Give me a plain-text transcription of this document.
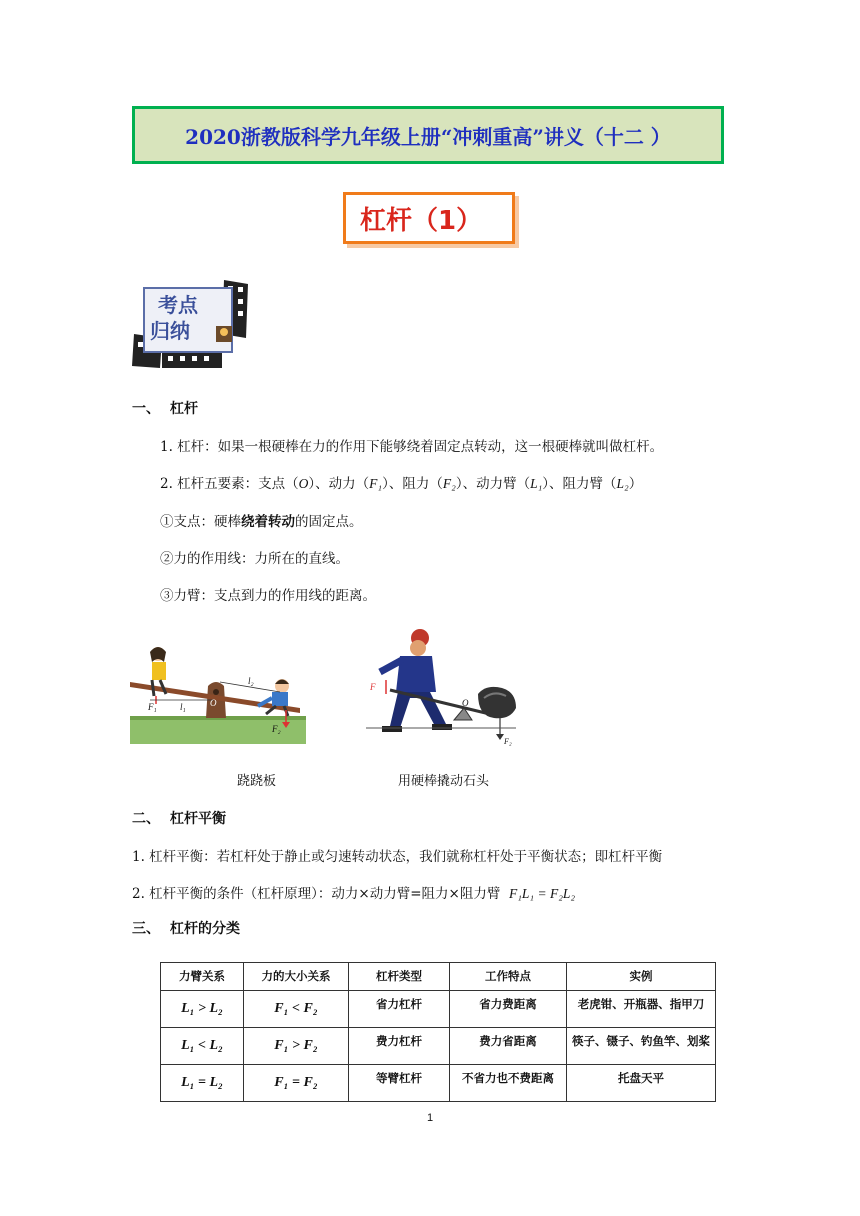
2020浙教版科学九年级上册“冲刺重高”讲义（十二 ）
杠杆（1）
考点
归纳
一、 杠杆
1. 杠杆：如果一根硬棒在力的作用下能够绕着固定点转动，这一根硬棒就叫做杠杆。
2. 杠杆五要素：支点（O）、动力（F₁）、阻力（F₂）、动力臂（L₁）、阻力臂（L₂）
①支点：硬棒绕着转动的固定点。
②力的作用线：力所在的直线。
③力臂：支点到力的作用线的距离。
F₁	l₁	O
l₂
F₂
F
O
F₂
跷跷板	用硬棒撬动石头
二、 杠杆平衡
1. 杠杆平衡：若杠杆处于静止或匀速转动状态，我们就称杠杆处于平衡状态；即杠杆平衡
2. 杠杆平衡的条件（杠杆原理）：动力×动力臂=阻力×阻力臂 F₁L₁ = F₂L₂
三、 杠杆的分类
力臂关系	力的大小关系	杠杆类型	工作特点	实例
L₁ > L₂	F₁ < F₂	省力杠杆	省力费距离	老虎钳、开瓶器、指甲刀
L₁ < L₂	F₁ > F₂	费力杠杆	费力省距离	筷子、镊子、钓鱼竿、划桨
L₁ = L₂	F₁ = F₂	等臂杠杆	不省力也不费距离	托盘天平
1
